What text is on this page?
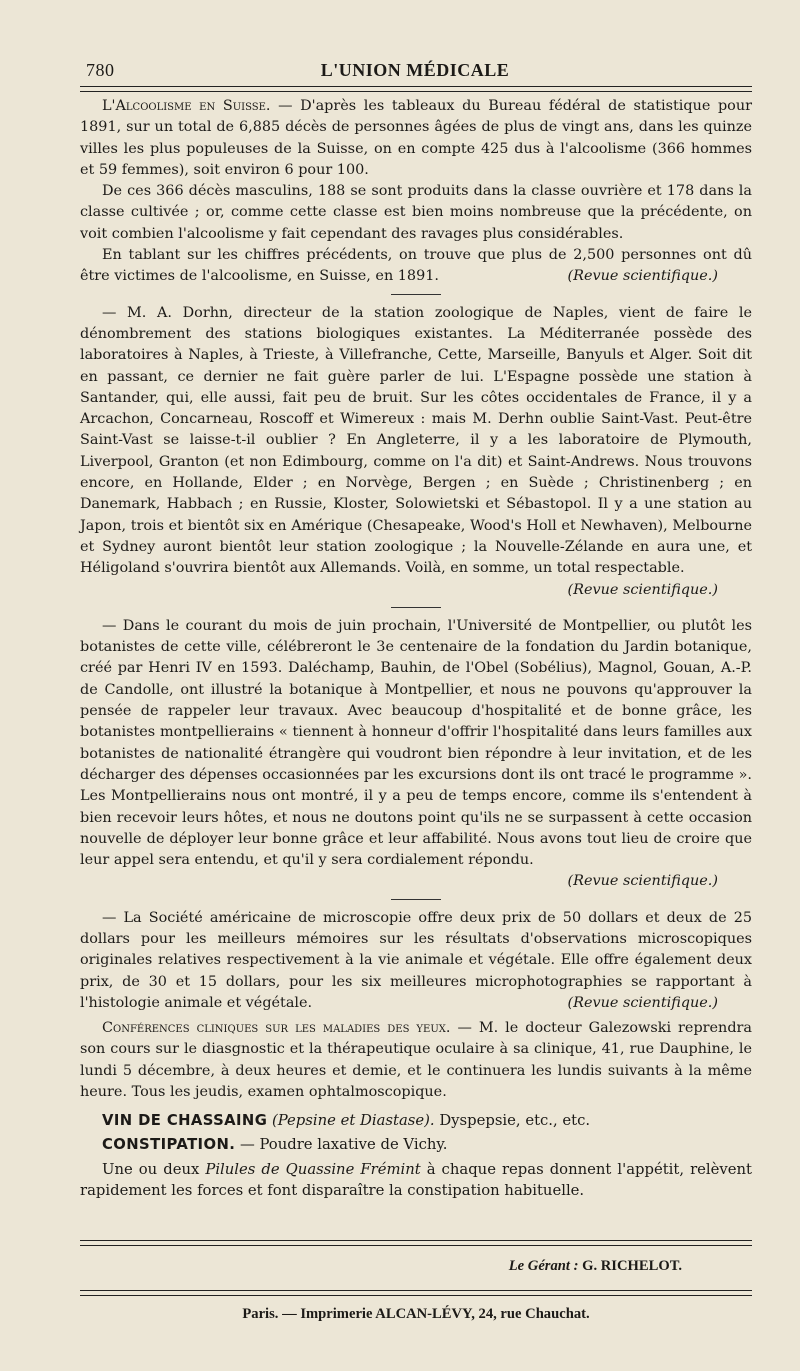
780	L'UNION MÉDICALE

L'Alcoolisme en Suisse. — D'après les tableaux du Bureau fédéral de statistique pour 1891, sur un total de 6,885 décès de personnes âgées de plus de vingt ans, dans les quinze villes les plus populeuses de la Suisse, on en compte 425 dus à l'alcoolisme (366 hommes et 59 femmes), soit environ 6 pour 100.

De ces 366 décès masculins, 188 se sont produits dans la classe ouvrière et 178 dans la classe cultivée ; or, comme cette classe est bien moins nombreuse que la précédente, on voit combien l'alcoolisme y fait cependant des ravages plus considérables.

En tablant sur les chiffres précédents, on trouve que plus de 2,500 personnes ont dû être victimes de l'alcoolisme, en Suisse, en 1891.	(Revue scientifique.)

— M. A. Dorhn, directeur de la station zoologique de Naples, vient de faire le dénombrement des stations biologiques existantes. La Méditerranée possède des laboratoires à Naples, à Trieste, à Villefranche, Cette, Marseille, Banyuls et Alger. Soit dit en passant, ce dernier ne fait guère parler de lui. L'Espagne possède une station à Santander, qui, elle aussi, fait peu de bruit. Sur les côtes occidentales de France, il y a Arcachon, Concarneau, Roscoff et Wimereux : mais M. Derhn oublie Saint-Vast. Peut-être Saint-Vast se laisse-t-il oublier ? En Angleterre, il y a les laboratoire de Plymouth, Liverpool, Granton (et non Edimbourg, comme on l'a dit) et Saint-Andrews. Nous trouvons encore, en Hollande, Elder ; en Norvège, Bergen ; en Suède ; Christinenberg ; en Danemark, Habbach ; en Russie, Kloster, Solowietski et Sébastopol. Il y a une station au Japon, trois et bientôt six en Amérique (Chesapeake, Wood's Holl et Newhaven), Melbourne et Sydney auront bientôt leur station zoologique ; la Nouvelle-Zélande en aura une, et Héligoland s'ouvrira bientôt aux Allemands. Voilà, en somme, un total respectable.

(Revue scientifique.)

— Dans le courant du mois de juin prochain, l'Université de Montpellier, ou plutôt les botanistes de cette ville, célébreront le 3e centenaire de la fondation du Jardin botanique, créé par Henri IV en 1593. Daléchamp, Bauhin, de l'Obel (Sobélius), Magnol, Gouan, A.-P. de Candolle, ont illustré la botanique à Montpellier, et nous ne pouvons qu'approuver la pensée de rappeler leur travaux. Avec beaucoup d'hospitalité et de bonne grâce, les botanistes montpellierains « tiennent à honneur d'offrir l'hospitalité dans leurs familles aux botanistes de nationalité étrangère qui voudront bien répondre à leur invitation, et de les décharger des dépenses occasionnées par les excursions dont ils ont tracé le programme ». Les Montpellierains nous ont montré, il y a peu de temps encore, comme ils s'entendent à bien recevoir leurs hôtes, et nous ne doutons point qu'ils ne se surpassent à cette occasion nouvelle de déployer leur bonne grâce et leur affabilité. Nous avons tout lieu de croire que leur appel sera entendu, et qu'il y sera cordialement répondu.

(Revue scientifique.)

— La Société américaine de microscopie offre deux prix de 50 dollars et deux de 25 dollars pour les meilleurs mémoires sur les résultats d'observations microscopiques originales relatives respectivement à la vie animale et végétale. Elle offre également deux prix, de 30 et 15 dollars, pour les six meilleures microphotographies se rapportant à l'histologie animale et végétale.	(Revue scientifique.)

Conférences cliniques sur les maladies des yeux. — M. le docteur Galezowski reprendra son cours sur le diasgnostic et la thérapeutique oculaire à sa clinique, 41, rue Dauphine, le lundi 5 décembre, à deux heures et demie, et le continuera les lundis suivants à la même heure. Tous les jeudis, examen ophtalmoscopique.

VIN DE CHASSAING (Pepsine et Diastase). Dyspepsie, etc., etc.

CONSTIPATION. — Poudre laxative de Vichy.

Une ou deux Pilules de Quassine Frémint à chaque repas donnent l'appétit, relèvent rapidement les forces et font disparaître la constipation habituelle.

Le Gérant : G. RICHELOT.
Paris. — Imprimerie ALCAN-LÉVY, 24, rue Chauchat.
